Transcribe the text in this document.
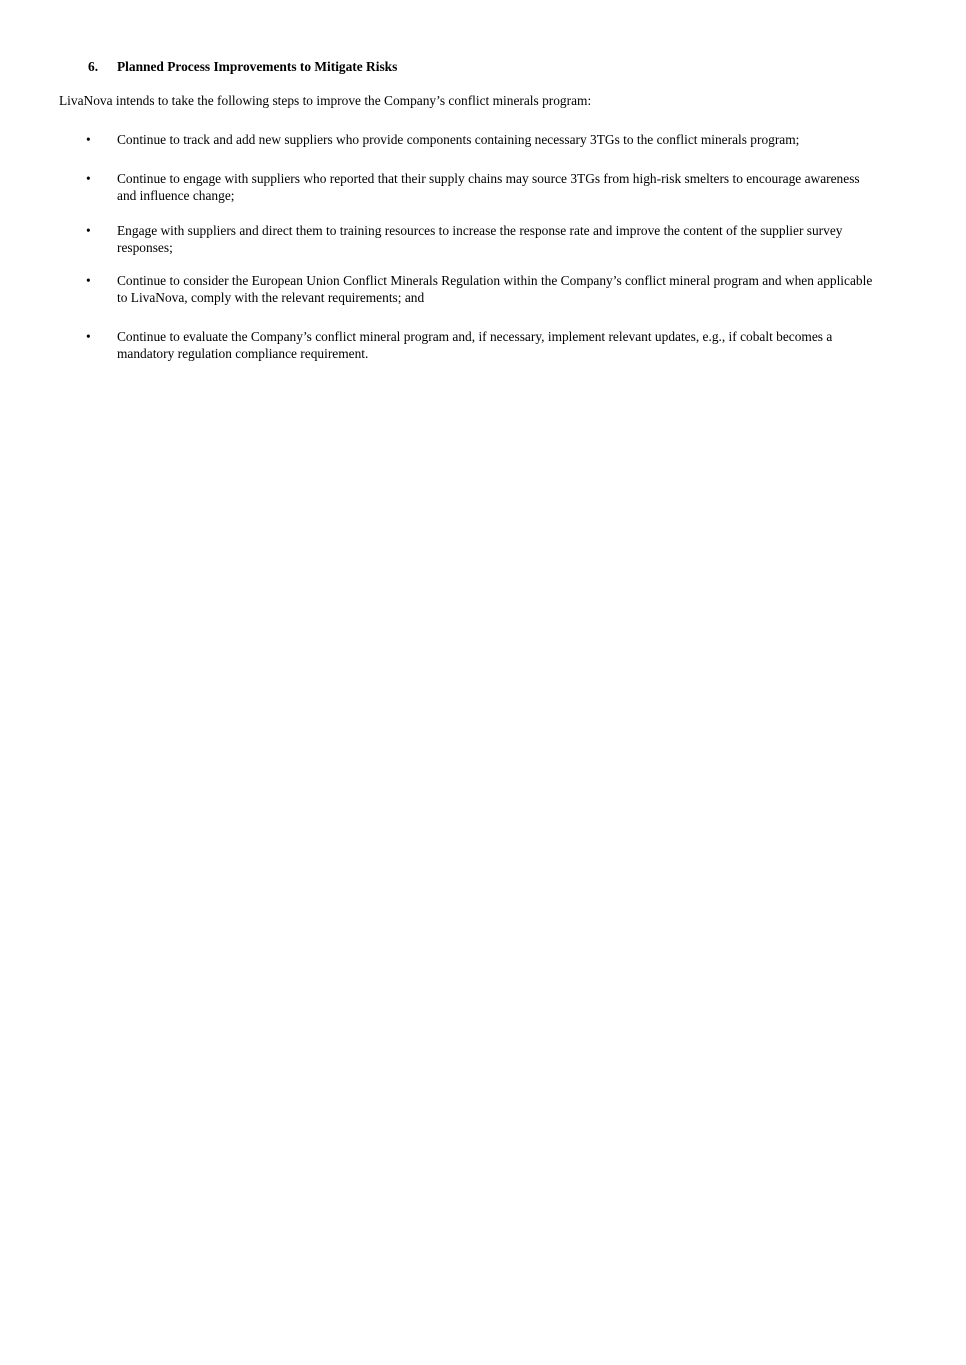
6. Planned Process Improvements to Mitigate Risks
LivaNova intends to take the following steps to improve the Company’s conflict minerals program:
• Continue to track and add new suppliers who provide components containing necessary 3TGs to the conflict minerals program;
• Continue to engage with suppliers who reported that their supply chains may source 3TGs from high-risk smelters to encourage awareness and influence change;
• Engage with suppliers and direct them to training resources to increase the response rate and improve the content of the supplier survey responses;
• Continue to consider the European Union Conflict Minerals Regulation within the Company’s conflict mineral program and when applicable to LivaNova, comply with the relevant requirements; and
• Continue to evaluate the Company’s conflict mineral program and, if necessary, implement relevant updates, e.g., if cobalt becomes a mandatory regulation compliance requirement.
